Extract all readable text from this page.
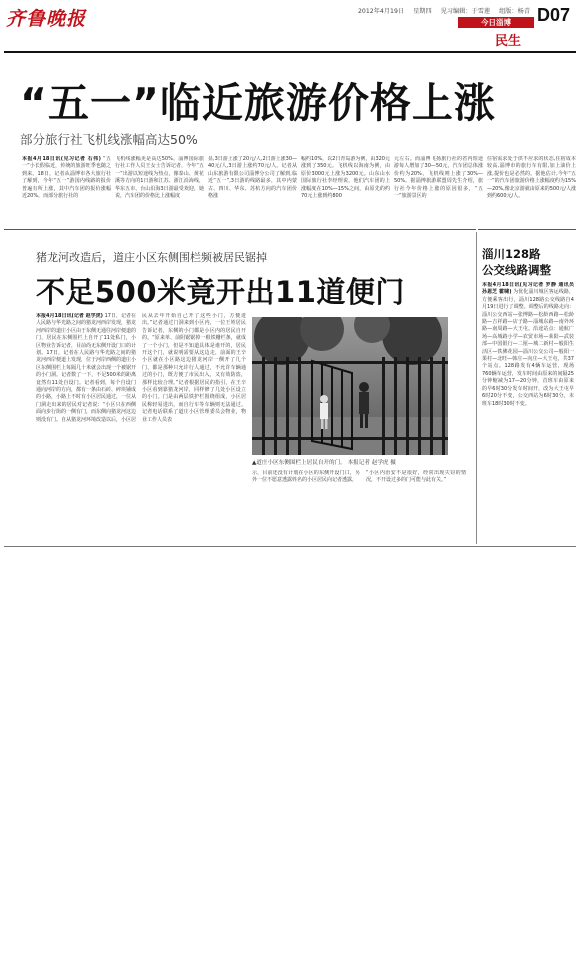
齐鲁晚报	2012年4月19日 星期四 见习编辑：于雪莲 组版：杨青
今日淄博
民生
D07
“五一”临近旅游价格上涨
部分旅行社飞机线涨幅高达50%
本报4月18日讯(见习记者 石伟) “五一”小长假临近，传统的旅游旺季也随之到来。18日，记者从淄博市各大旅行社了解到，今年“五一”游国内线路的报价普遍有所上涨，其中汽车团的报价涨幅近20%，而部分旅行社的
飞机线涨幅更是高达50%。淄博国际旅行社工作人员王女士告诉记者，今年“五一”出游以短途线为热点，像泰山、黄花溪等方向的1日游和江苏、浙江沿海线，华东五市、台山沿海3日游最受欢迎，她说，汽车团的价格比上涨幅度
显,3日游上涨了20元/人,2日游上涨30—40元/人,3日游上涨约70元/人。记者从山东旅游有限公司淄博分公司了解到,临近“五一”,3日游的线路最多，其中内蒙古、四川、华东、苏杭方向的汽车团价格涨
幅约10%，以2日青岛游为例，由320元涨到了350元。飞机线以海南为例，由原价3000元上涨为3200元。山东山水国际旅行社李经理说，他们汽车团的上涨幅度在10%—15%之间，由原先的约70元上涨到约800
元左右。而淄博飞扬旅行社的省内短途游每人增加了30—50元，汽车团总体涨价约为20%，飞机线则上涨了30%—50%。据淄博旅游联盟周先生介绍，旅行社今年价格上涨的原因很多，“五一”旅游景区的
住宿需求处于供不应求的状态,住宿成本较高,淄博市的旅行车有限,加上油价上涨,提价也是必然的。据他估计,今年“五一”的汽车团旅游价格上涨幅度约为15%—20%,像北京游就由原来的500元/人涨到约600元/人。
猪龙河改造后，道庄小区东侧围栏频被居民锯掉
不足500米竟开出11道便门
本报4月18日讯(记者 赵学虎) 17日，记者在人民路与华光路之间的猪龙河西岸发现，猪龙河西岸的道庄小区由于东侧无通往河岸便道的门，居民在东侧围栏上自开了11处私门，小区物业告诉记者，目前尚无东侧开设门口的计划。17日，记者在人民路与华光路之间的猪龙河西岸便道上发现，位于河岸西侧的道庄小区东侧围栏上每隔几十米就会出现一个被锯开的小门洞。记者数了一下，不足500米的距离竟然有11处自设门。记者看到，每个自设门通向河岸的方向，都有一条由石砖、碎块铺成的小路，小路上不时有小区居民通过，一位从门洞走出来的居民对记者说：“小区只在西侧面向步行街的一侧有门，而东侧向猪龙河这边则没有门。自从猪龙河环境改造以后，小区居
民从去年开始自己开了这些小门，方便进出。”记者通过门洞来到小区内，一位王姓居民告诉记者，东侧的小门都是小区内的居民自开的。“原来单、前阴锯锯掉一根铁栅栏条，就成了一个小门，但是不知道具体是谁开的，居民开这个门，就说明需要从这边走，前面的王辛小区就在小区路这边猪龙河岸一侧开了几个门，都是那种只允许行人通过，不允许车辆通过的小门，既方便了市民出入，又有效防盗，那样比较合理。”记者根据居民的指引，在王辛小区看到靠猪龙河岸，同样修了几处小区设立的小门。门是由两层铁护栏围绕组成，小区居民称轻易进出，而自行车等车辆则无法通过。记者电话联系了道庄小区管理委员会物业，物业工作人员表
▲道庄小区东侧围栏上居民自开的门。 本报记者 赵学虎 摄
示，目前还没有计划在小区的东侧开设门口，另外一位不愿意透露姓名的小区居民向记者透露，
“小区内治安不是很好，经常出现失窃的情况，不开设过多的门可能与此有关。”
淄川128路
公交线路调整
本报4月18日讯(见习记者 罗静 通讯员 孙恩芝 霍啸) 为优化淄川城区客运线路，方便乘客出行，淄川128路公交线路自4月19日进行了调整。调整后的线路走向：淄川公交西站—张博路—松龄西路—松龄路—吉祥路—店子路—淄城东路—南外环路—南周路—大王屯。沿途站点：通航广场—高城路小学—农贸市场—莱阳—武装部—中国银行—二厘—城二新村—般阳生活区—铁佛花园—淄川公交公司—般阳一果村—北旺—韩庄—向庄—大王屯，共37个站点。128路发有4辆车运营，现场760辆车运营，发车时间由原来的间隔25分钟缩减为17—20分钟，首班车由原来的早6时30分发车时间开，改为大王屯早6时20分不变，公交西站为6时30分，末班车18时30时不变。
